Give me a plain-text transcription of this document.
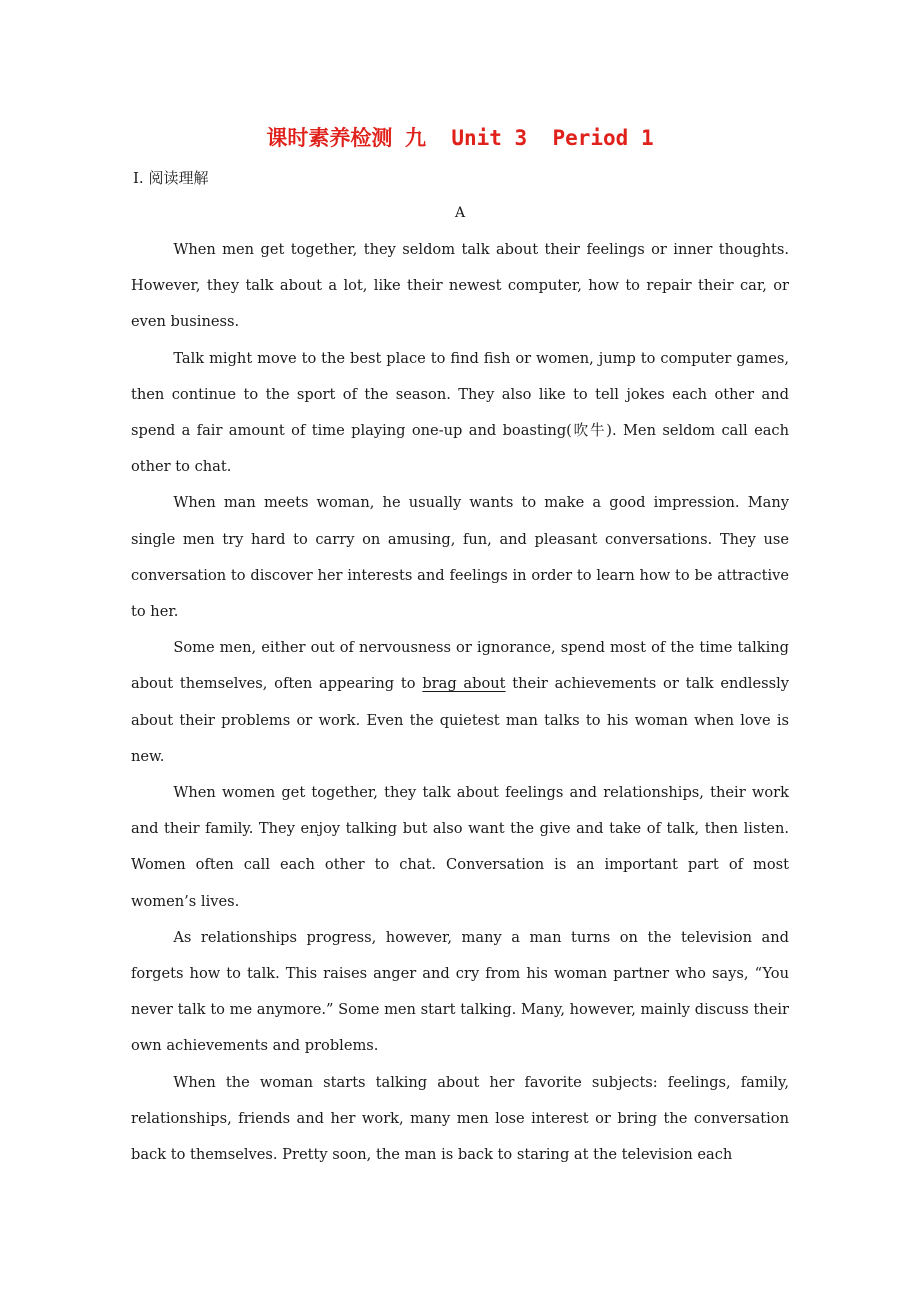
课时素养检测 九  Unit 3  Period 1
Ⅰ. 阅读理解
A

When men get together, they seldom talk about their feelings or inner thoughts. However, they talk about a lot, like their newest computer, how to repair their car, or even business.

Talk might move to the best place to find fish or women, jump to computer games, then continue to the sport of the season. They also like to tell jokes each other and spend a fair amount of time playing one-up and boasting(吹牛). Men seldom call each other to chat.

When man meets woman, he usually wants to make a good impression. Many single men try hard to carry on amusing, fun, and pleasant conversations. They use conversation to discover her interests and feelings in order to learn how to be attractive to her.

Some men, either out of nervousness or ignorance, spend most of the time talking about themselves, often appearing to brag about their achievements or talk endlessly about their problems or work. Even the quietest man talks to his woman when love is new.

When women get together, they talk about feelings and relationships, their work and their family. They enjoy talking but also want the give and take of talk, then listen. Women often call each other to chat. Conversation is an important part of most women’s lives.

As relationships progress, however, many a man turns on the television and forgets how to talk. This raises anger and cry from his woman partner who says, “You never talk to me anymore.” Some men start talking. Many, however, mainly discuss their own achievements and problems.

When the woman starts talking about her favorite subjects: feelings, family, relationships, friends and her work, many men lose interest or bring the conversation back to themselves. Pretty soon, the man is back to staring at the television each
